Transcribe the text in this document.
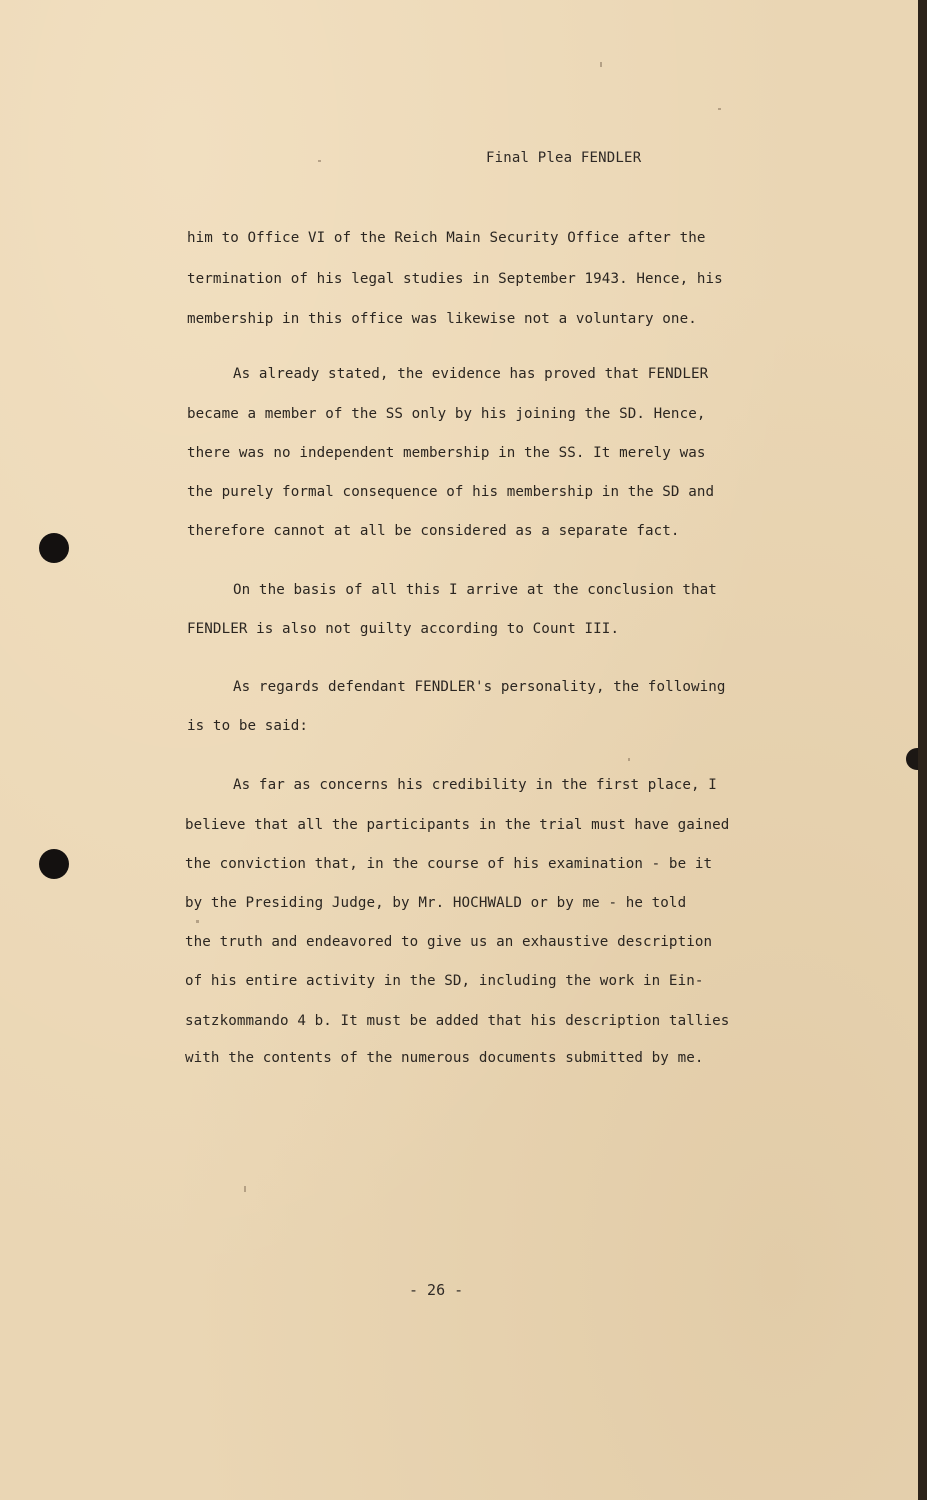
Final Plea FENDLER
him to Office VI of the Reich Main Security Office after the
termination of his legal studies in September 1943. Hence, his
membership in this office was likewise not a voluntary one.
As already stated, the evidence has proved that FENDLER
became a member of the SS only by his joining the SD. Hence,
there was no independent membership in the SS. It merely was
the purely formal consequence of his membership in the SD and
therefore cannot at all be considered as a separate fact.
On the basis of all this I arrive at the conclusion that
FENDLER is also not guilty according to Count III.
As regards defendant FENDLER's personality, the following
is to be said:
As far as concerns his credibility in the first place, I
believe that all the participants in the trial must have gained
the conviction that, in the course of his examination - be it
by the Presiding Judge, by Mr. HOCHWALD or by me - he told
the truth and endeavored to give us an exhaustive description
of his entire activity in the SD, including the work in Ein-
satzkommando 4 b. It must be added that his description tallies
with the contents of the numerous documents submitted by me.
- 26 -
